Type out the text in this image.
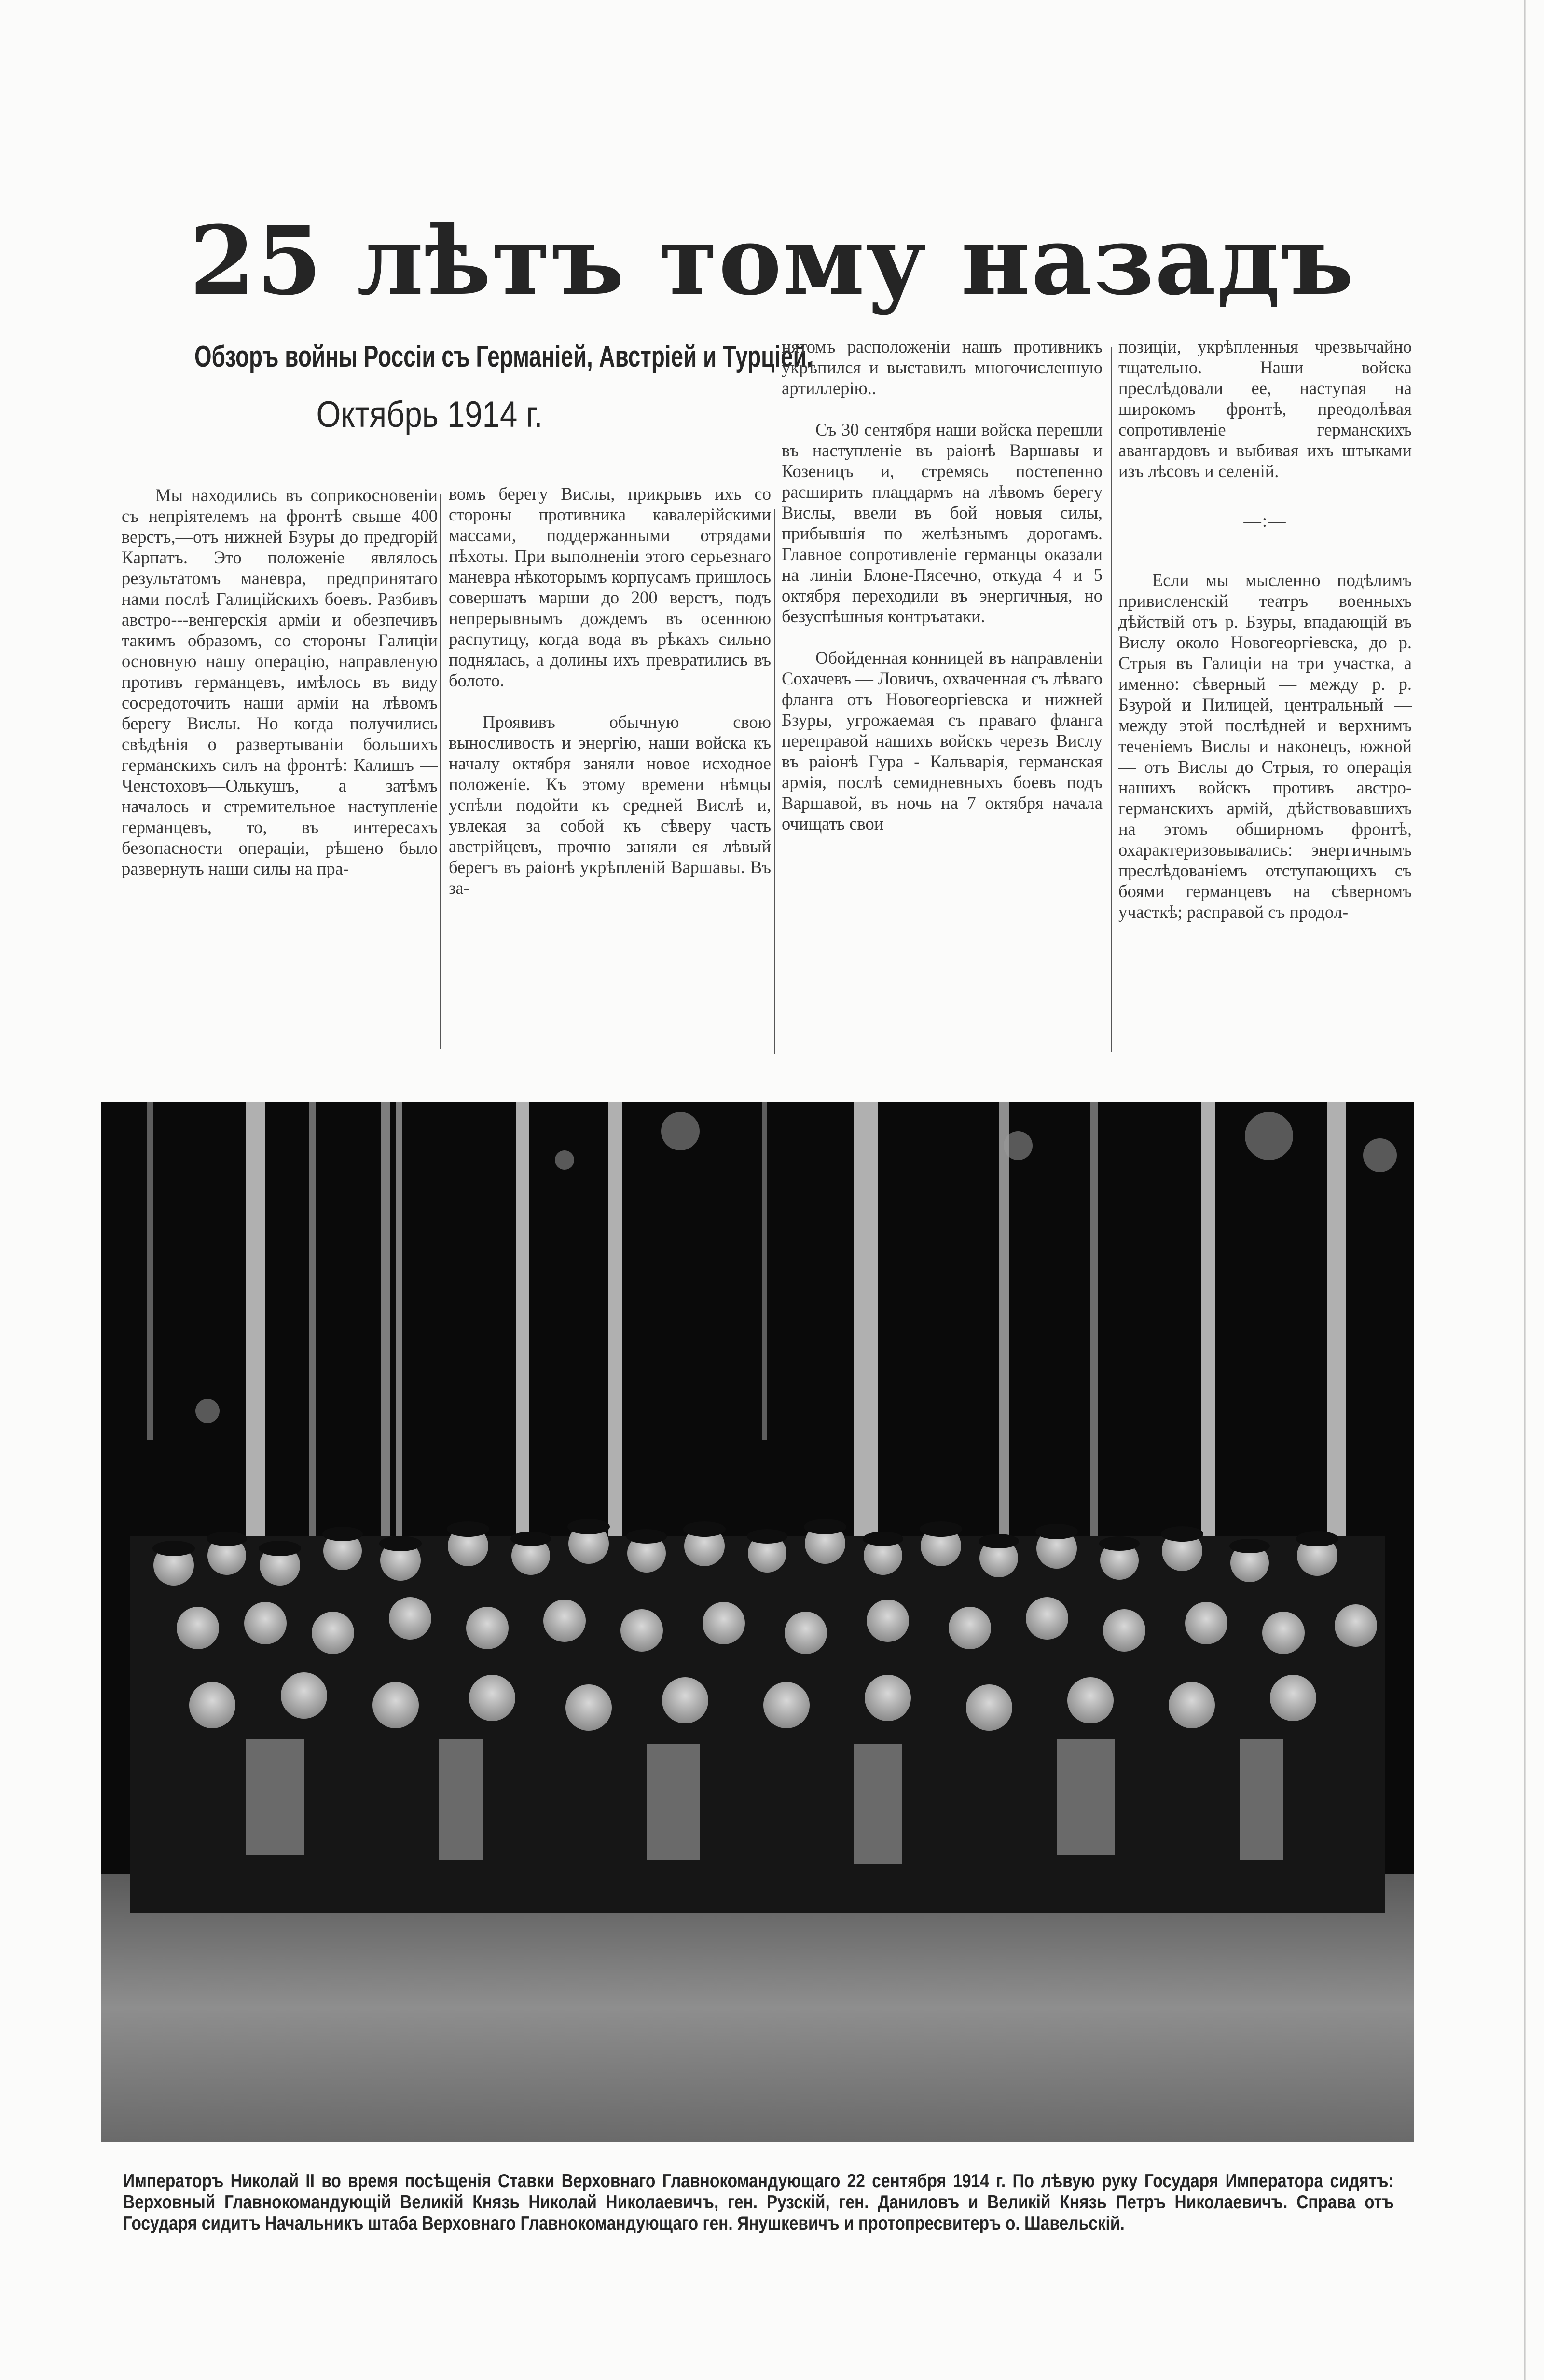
25 лѣтъ тому назадъ
Обзоръ войны Россіи съ Германіей, Австріей и Турціей.
Октябрь 1914 г.

Мы находились въ соприкосновеніи съ непріятелемъ на фронтѣ свыше 400 верстъ,—отъ нижней Бзуры до предгорій Карпатъ. Это положеніе являлось результатомъ маневра, предпринятаго нами послѣ Галиційскихъ боевъ. Разбивъ австро---венгерскія арміи и обезпечивъ такимъ образомъ, со стороны Галиціи основную нашу операцію, направленую противъ германцевъ, имѣлось въ виду сосредоточить наши арміи на лѣвомъ берегу Вислы. Но когда получились свѣдѣнія о развертываніи большихъ германскихъ силъ на фронтѣ: Калишъ — Ченстоховъ—Олькушъ, а затѣмъ началось и стремительное наступленіе германцевъ, то, въ интересахъ безопасности операціи, рѣшено было развернуть наши силы на пра-

вомъ берегу Вислы, прикрывъ ихъ со стороны противника кавалерійскими массами, поддержанными отрядами пѣхоты. При выполненіи этого серьезнаго маневра нѣкоторымъ корпусамъ пришлось совершать марши до 200 верстъ, подъ непрерывнымъ дождемъ въ осеннюю распутицу, когда вода въ рѣкахъ сильно поднялась, а долины ихъ превратились въ болото.

Проявивъ обычную свою выносливость и энергію, наши войска къ началу октября заняли новое исходное положеніе. Къ этому времени нѣмцы успѣли подойти къ средней Вислѣ и, увлекая за собой къ сѣверу часть австрійцевъ, прочно заняли ея лѣвый берегъ въ раіонѣ укрѣпленій Варшавы. Въ за-

нятомъ расположеніи нашъ противникъ укрѣпился и выставилъ многочисленную артиллерію..

Съ 30 сентября наши войска перешли въ наступленіе въ раіонѣ Варшавы и Козеницъ и, стремясь постепенно расширить плацдармъ на лѣвомъ берегу Вислы, ввели въ бой новыя силы, прибывшія по желѣзнымъ дорогамъ. Главное сопротивленіе германцы оказали на линіи Блоне-Пясечно, откуда 4 и 5 октября переходили въ энергичныя, но безуспѣшныя контръатаки.

Обойденная конницей въ направленіи Сохачевъ — Ловичъ, охваченная съ лѣваго фланга отъ Новогеоргіевска и нижней Бзуры, угрожаемая съ праваго фланга переправой нашихъ войскъ черезъ Вислу въ раіонѣ Гура - Кальварія, германская армія, послѣ семидневныхъ боевъ подъ Варшавой, въ ночь на 7 октября начала очищать свои

позиціи, укрѣпленныя чрезвычайно тщательно. Наши войска преслѣдовали ее, наступая на широкомъ фронтѣ, преодолѣвая сопротивленіе германскихъ авангардовъ и выбивая ихъ штыками изъ лѣсовъ и селеній.

—:—

Если мы мысленно подѣлимъ привисленскій театръ военныхъ дѣйствій отъ р. Бзуры, впадающій въ Вислу около Новогеоргіевска, до р. Стрыя въ Галиціи на три участка, а именно: сѣверный — между р. р. Бзурой и Пилицей, центральный — между этой послѣдней и верхнимъ теченіемъ Вислы и наконецъ, южной — отъ Вислы до Стрыя, то операція нашихъ войскъ противъ австро-германскихъ армій, дѣйствовавшихъ на этомъ обширномъ фронтѣ, охарактеризовывались: энергичнымъ преслѣдованіемъ отступающихъ съ боями германцевъ на сѣверномъ участкѣ; расправой съ продол-

Императоръ Николай II во время посѣщенія Ставки Верховнаго Главнокомандующаго 22 сентября 1914 г. По лѣвую руку Государя Императора сидятъ: Верховный Главнокомандующій Великій Князь Николай Николаевичъ, ген. Рузскій, ген. Даниловъ и Великій Князь Петръ Николаевичъ. Справа отъ Государя сидитъ Начальникъ штаба Верховнаго Главнокомандующаго ген. Янушкевичъ и протопресвитеръ о. Шавельскій.
